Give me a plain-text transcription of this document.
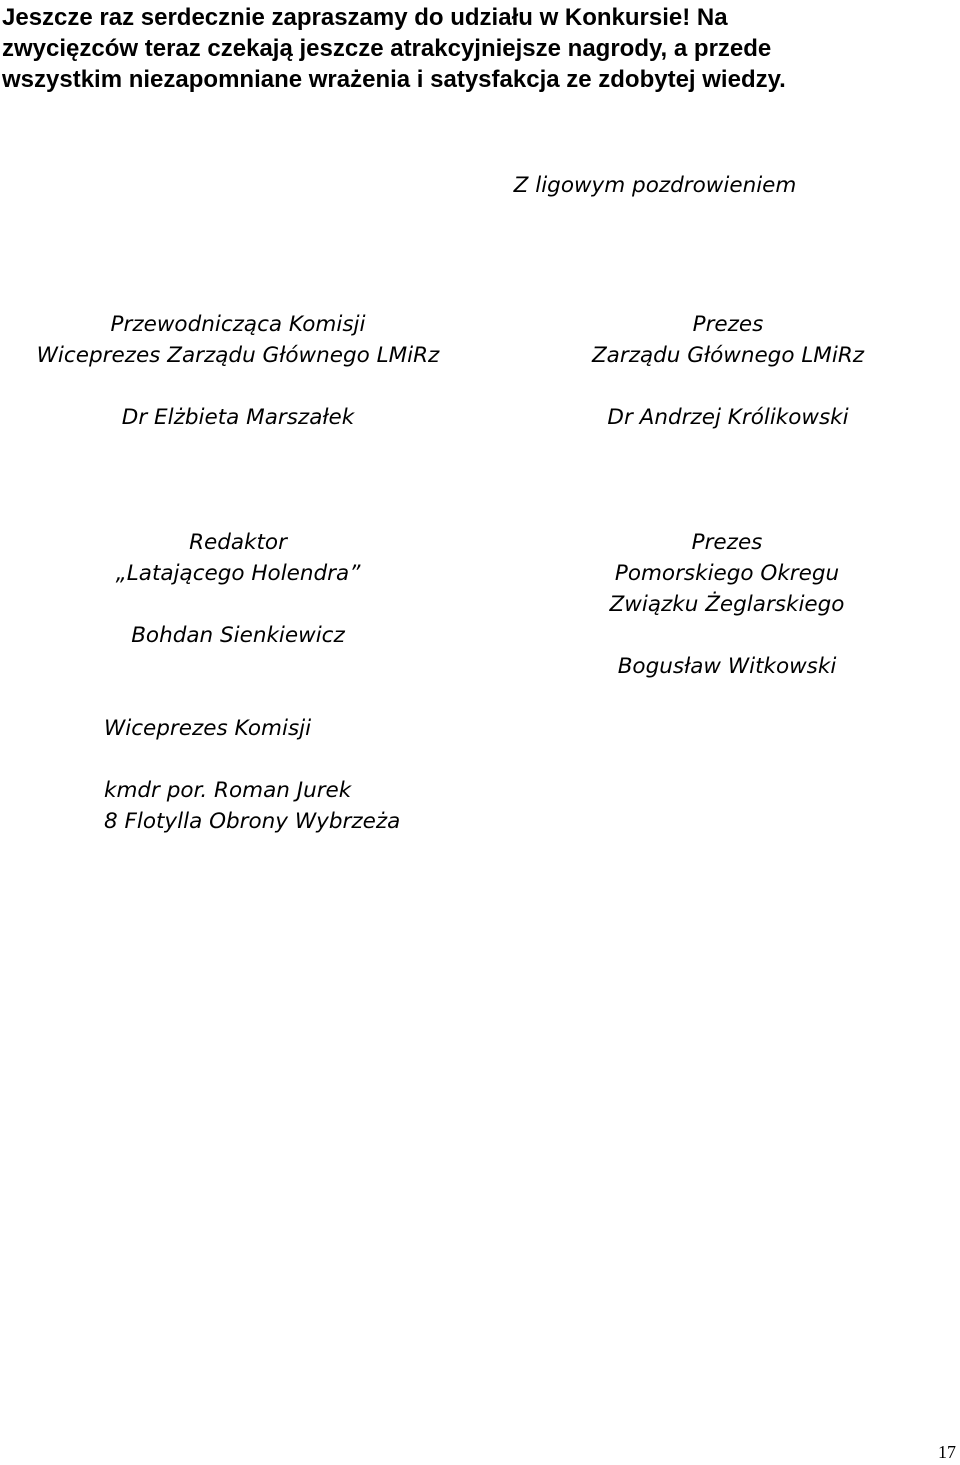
Jeszcze raz serdecznie zapraszamy do udziału w Konkursie! Na
zwycięzców teraz czekają jeszcze atrakcyjniejsze nagrody, a przede
wszystkim niezapomniane wrażenia i satysfakcja ze zdobytej wiedzy.
Z ligowym pozdrowieniem
Przewodnicząca Komisji
Wiceprezes Zarządu Głównego LMiRz
Dr Elżbieta Marszałek
Prezes
Zarządu Głównego LMiRz
Dr Andrzej Królikowski
Redaktor
„Latającego Holendra”
Bohdan Sienkiewicz
Prezes
Pomorskiego Okregu
Związku Żeglarskiego
Bogusław Witkowski
Wiceprezes Komisji
kmdr por. Roman Jurek
8 Flotylla Obrony Wybrzeża
17
